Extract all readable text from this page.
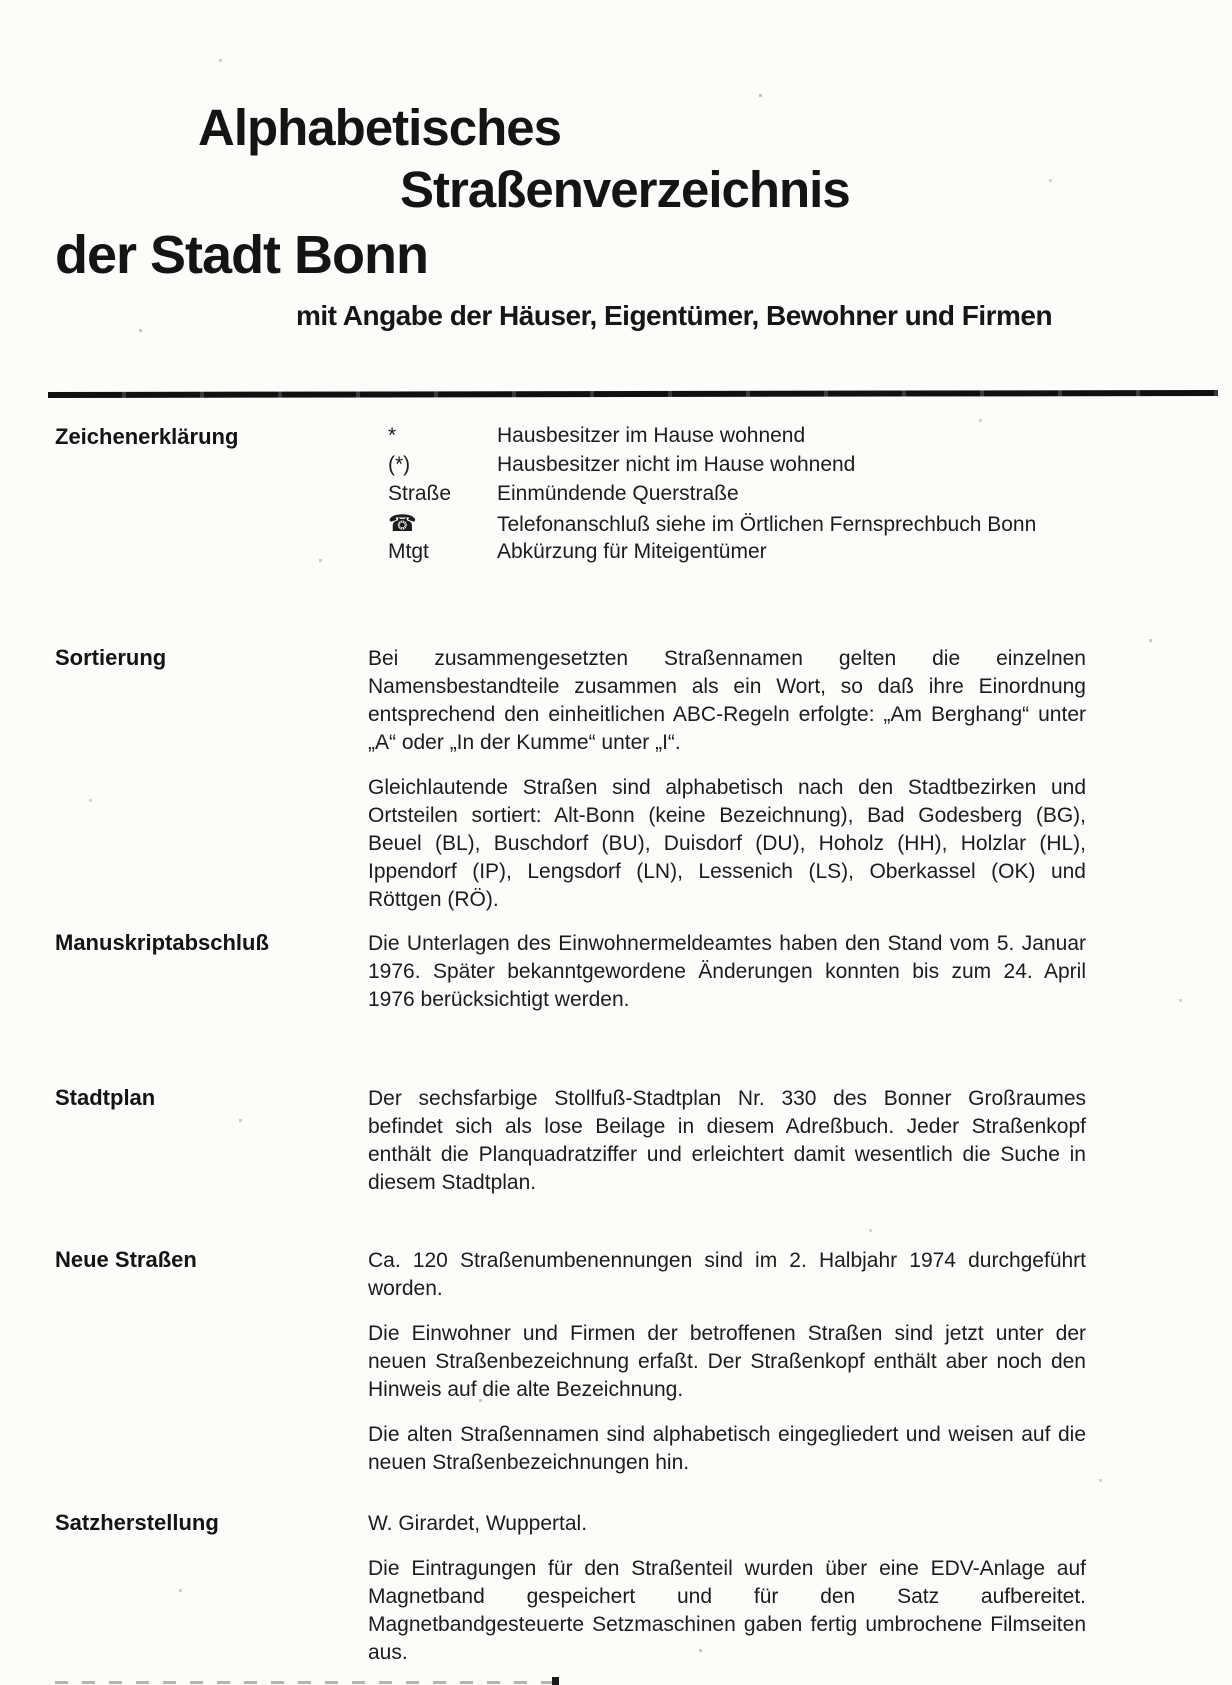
Alphabetisches
Straßenverzeichnis
der Stadt Bonn
mit Angabe der Häuser, Eigentümer, Bewohner und Firmen
Zeichenerklärung	*	Hausbesitzer im Hause wohnend
(*)	Hausbesitzer nicht im Hause wohnend
Straße	Einmündende Querstraße
☎	Telefonanschluß siehe im Örtlichen Fernsprechbuch Bonn
Mtgt	Abkürzung für Miteigentümer
Sortierung	Bei zusammengesetzten Straßennamen gelten die einzelnen Namensbestandteile zusammen als ein Wort, so daß ihre Einordnung entsprechend den einheitlichen ABC-Regeln erfolgte: „Am Berghang“ unter „A“ oder „In der Kumme“ unter „I“.

Gleichlautende Straßen sind alphabetisch nach den Stadtbezirken und Ortsteilen sortiert: Alt-Bonn (keine Bezeichnung), Bad Godesberg (BG), Beuel (BL), Buschdorf (BU), Duisdorf (DU), Hoholz (HH), Holzlar (HL), Ippendorf (IP), Lengsdorf (LN), Lessenich (LS), Oberkassel (OK) und Röttgen (RÖ).

Manuskriptabschluß	Die Unterlagen des Einwohnermeldeamtes haben den Stand vom 5. Januar 1976. Später bekanntgewordene Änderungen konnten bis zum 24. April 1976 berücksichtigt werden.

Stadtplan	Der sechsfarbige Stollfuß-Stadtplan Nr. 330 des Bonner Großraumes befindet sich als lose Beilage in diesem Adreßbuch. Jeder Straßenkopf enthält die Planquadratziffer und erleichtert damit wesentlich die Suche in diesem Stadtplan.

Neue Straßen	Ca. 120 Straßenumbenennungen sind im 2. Halbjahr 1974 durchgeführt worden.

Die Einwohner und Firmen der betroffenen Straßen sind jetzt unter der neuen Straßenbezeichnung erfaßt. Der Straßenkopf enthält aber noch den Hinweis auf die alte Bezeichnung.

Die alten Straßennamen sind alphabetisch eingegliedert und weisen auf die neuen Straßenbezeichnungen hin.

Satzherstellung	W. Girardet, Wuppertal.

Die Eintragungen für den Straßenteil wurden über eine EDV-Anlage auf Magnetband gespeichert und für den Satz aufbereitet. Magnetbandgesteuerte Setzmaschinen gaben fertig umbrochene Filmseiten aus.
